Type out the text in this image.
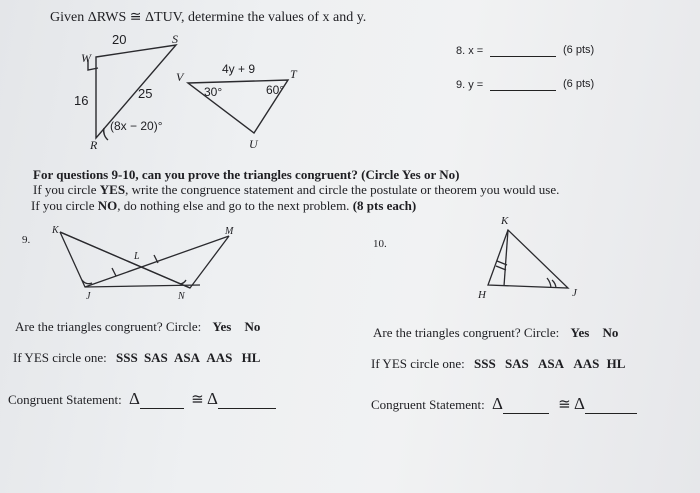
Given ΔRWS ≅ ΔTUV, determine the values of x and y.
W
S
R
20
16	25
(8x − 20)°
V	T
U
4y + 9
30°	60°
K	M
L
J	N
K
H	J
8. x =	(6 pts)
9. y =	(6 pts)
For questions 9-10, can you prove the triangles congruent? (Circle Yes or No)
If you circle YES, write the congruence statement and circle the postulate or theorem you would use.
If you circle NO, do nothing else and go to the next problem. (8 pts each)
9.	10.
Are the triangles congruent? Circle: Yes No
If YES circle one: SSS SAS ASA AAS HL
Congruent Statement: Δ	≅ Δ
Are the triangles congruent? Circle: Yes No
If YES circle one: SSS SAS ASA AAS HL
Congruent Statement: Δ	≅ Δ
